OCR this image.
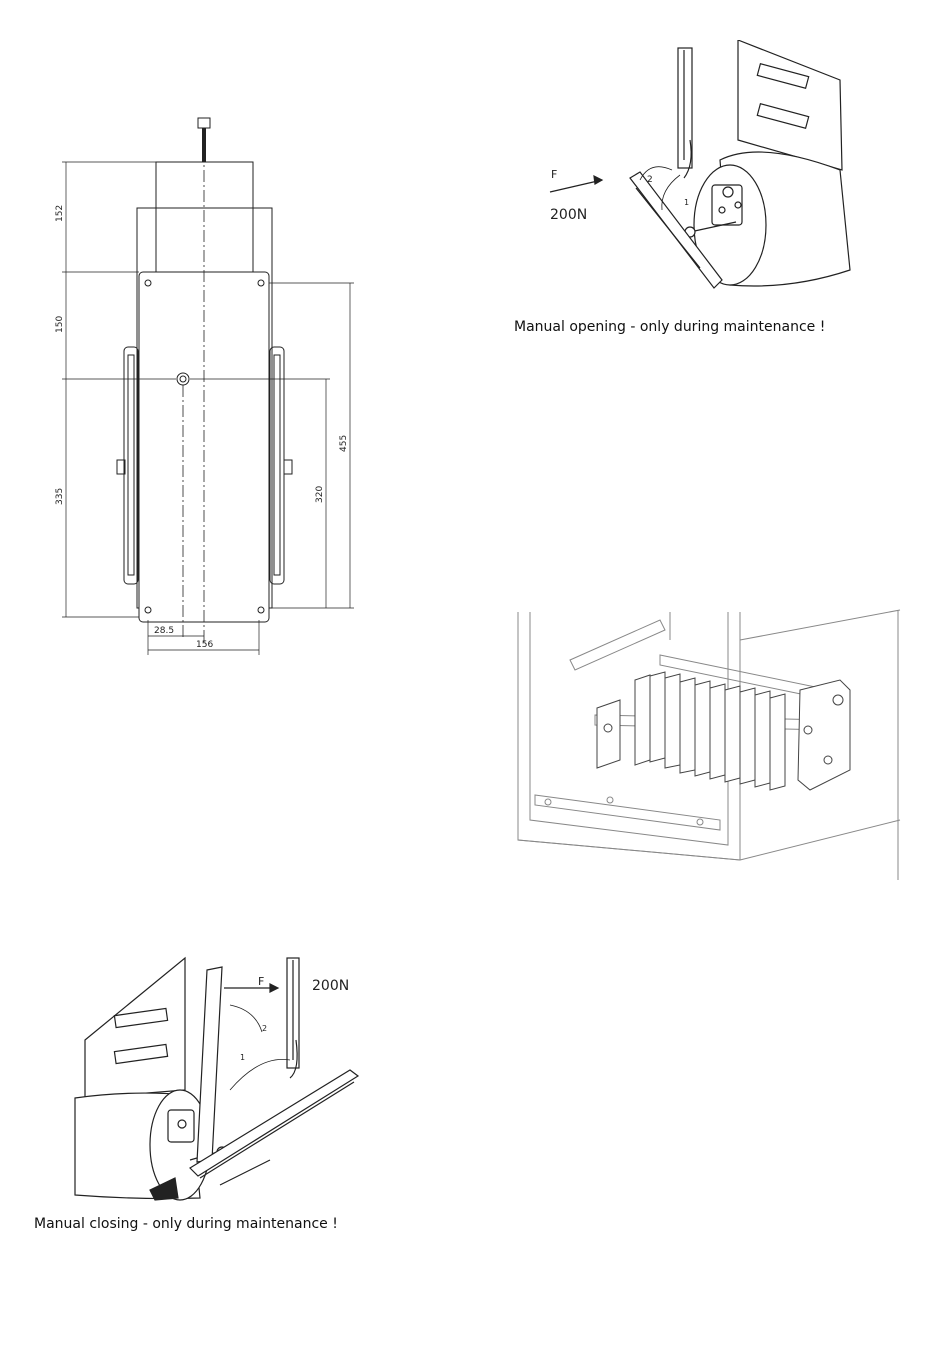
152
150
335
455
320
28.5
156
F
200N
2
1
Manual opening - only during maintenance !
F	200N
2
1
Manual closing - only during maintenance !
